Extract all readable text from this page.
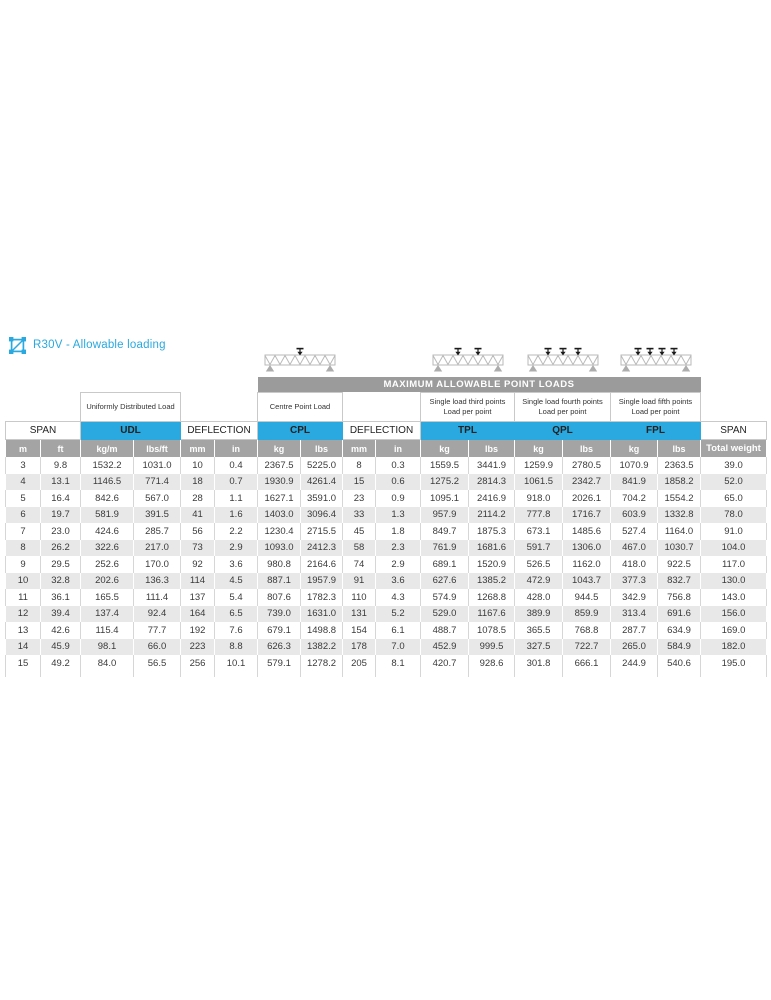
R30V - Allowable loading

						MAXIMUM ALLOWABLE POINT LOADS										
		Uniformly Distributed Load				Centre Point Load				Single load third points Load per point		Single load fourth points Load per point		Single load fifth points Load per point		
SPAN		UDL		DEFLECTION		CPL		DEFLECTION		TPL		QPL		FPL		SPAN
m	ft	kg/m	lbs/ft	mm	in	kg	lbs	mm	in	kg	lbs	kg	lbs	kg	lbs	Total weight
3	9.8	1532.2	1031.0	10	0.4	2367.5	5225.0	8	0.3	1559.5	3441.9	1259.9	2780.5	1070.9	2363.5	39.0
4	13.1	1146.5	771.4	18	0.7	1930.9	4261.4	15	0.6	1275.2	2814.3	1061.5	2342.7	841.9	1858.2	52.0
5	16.4	842.6	567.0	28	1.1	1627.1	3591.0	23	0.9	1095.1	2416.9	918.0	2026.1	704.2	1554.2	65.0
6	19.7	581.9	391.5	41	1.6	1403.0	3096.4	33	1.3	957.9	2114.2	777.8	1716.7	603.9	1332.8	78.0
7	23.0	424.6	285.7	56	2.2	1230.4	2715.5	45	1.8	849.7	1875.3	673.1	1485.6	527.4	1164.0	91.0
8	26.2	322.6	217.0	73	2.9	1093.0	2412.3	58	2.3	761.9	1681.6	591.7	1306.0	467.0	1030.7	104.0
9	29.5	252.6	170.0	92	3.6	980.8	2164.6	74	2.9	689.1	1520.9	526.5	1162.0	418.0	922.5	117.0
10	32.8	202.6	136.3	114	4.5	887.1	1957.9	91	3.6	627.6	1385.2	472.9	1043.7	377.3	832.7	130.0
11	36.1	165.5	111.4	137	5.4	807.6	1782.3	110	4.3	574.9	1268.8	428.0	944.5	342.9	756.8	143.0
12	39.4	137.4	92.4	164	6.5	739.0	1631.0	131	5.2	529.0	1167.6	389.9	859.9	313.4	691.6	156.0
13	42.6	115.4	77.7	192	7.6	679.1	1498.8	154	6.1	488.7	1078.5	365.5	768.8	287.7	634.9	169.0
14	45.9	98.1	66.0	223	8.8	626.3	1382.2	178	7.0	452.9	999.5	327.5	722.7	265.0	584.9	182.0
15	49.2	84.0	56.5	256	10.1	579.1	1278.2	205	8.1	420.7	928.6	301.8	666.1	244.9	540.6	195.0
